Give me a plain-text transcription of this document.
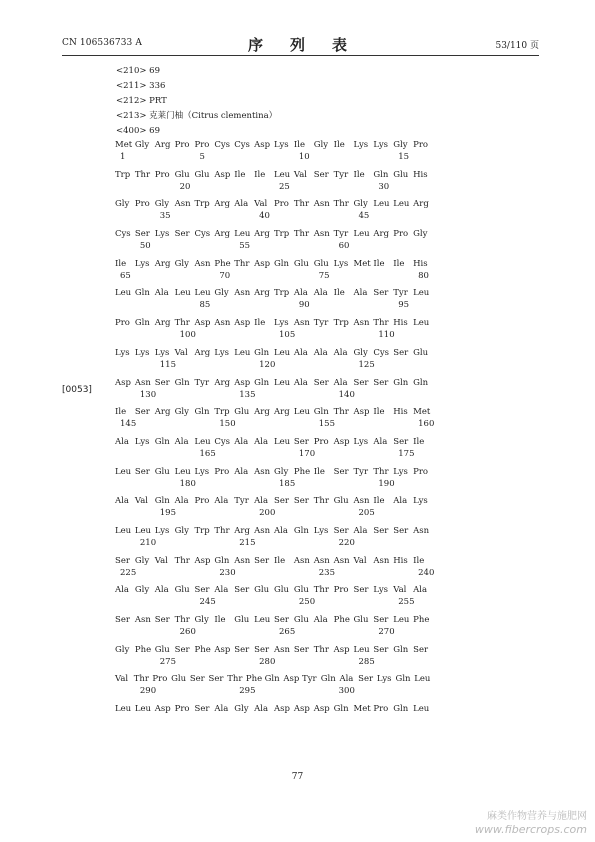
CN 106536733 A	序　列　表	53/110 页
<210> 69
<211> 336
<212> PRT
<213> 克莱门柚（Citrus clementina）
<400> 69
[0053]
Met Gly Arg Pro Pro Cys Cys Asp Lys Ile	Gly Ile	Lys Lys Gly Pro
1	5	10	15
Trp Thr Pro Glu Glu Asp Ile	Ile	Leu Val Ser Tyr Ile	Gln Glu His
20	25	30
Gly Pro Gly Asn Trp Arg Ala Val Pro Thr Asn Thr Gly Leu Leu Arg
35	40	45
Cys Ser Lys Ser Cys Arg Leu Arg Trp Thr Asn Tyr Leu Arg Pro Gly
50	55	60
Ile	Lys Arg Gly Asn Phe Thr Asp Gln Glu Glu Lys Met Ile	Ile	His
65	70	75	80
Leu Gln Ala Leu Leu Gly Asn Arg Trp Ala Ala Ile	Ala Ser Tyr Leu
85	90	95
Pro Gln Arg Thr Asp Asn Asp Ile	Lys Asn Tyr Trp Asn Thr His Leu
100	105	110
Lys Lys Lys Val Arg Lys Leu Gln Leu Ala Ala Ala Gly Cys Ser Glu
115	120	125
Asp Asn Ser Gln Tyr Arg Asp Gln Leu Ala Ser Ala Ser Ser Gln Gln
130	135	140
Ile	Ser Arg Gly Gln Trp Glu Arg Arg Leu Gln Thr Asp Ile	His Met
145	150	155	160
Ala Lys Gln Ala Leu Cys Ala Ala Leu Ser Pro Asp Lys Ala Ser Ile
165	170	175
Leu Ser Glu Leu Lys Pro Ala Asn Gly Phe Ile	Ser Tyr Thr Lys Pro
180	185	190
Ala Val Gln Ala Pro Ala Tyr Ala Ser Ser Thr Glu Asn Ile	Ala Lys
195	200	205
Leu Leu Lys Gly Trp Thr Arg Asn Ala Gln Lys Ser Ala Ser Ser Asn
210	215	220
Ser Gly Val Thr Asp Gln Asn Ser Ile	Asn Asn Asn Val Asn His Ile
225	230	235	240
Ala Gly Ala Glu Ser Ala Ser Glu Glu Glu Thr Pro Ser Lys Val Ala
245	250	255
Ser Asn Ser Thr Gly Ile	Glu Leu Ser Glu Ala Phe Glu Ser Leu Phe
260	265	270
Gly Phe Glu Ser Phe Asp Ser Ser Asn Ser Thr Asp Leu Ser Gln Ser
275	280	285
Val Thr Pro Glu Ser Ser Thr Phe Gln Asp Tyr Gln Ala Ser Lys Gln Leu
290	295	300
Leu Leu Asp Pro Ser Ala Gly Ala Asp Asp Asp Gln Met Pro Gln Leu
77
麻类作物营养与施肥网
www.fibercrops.com
